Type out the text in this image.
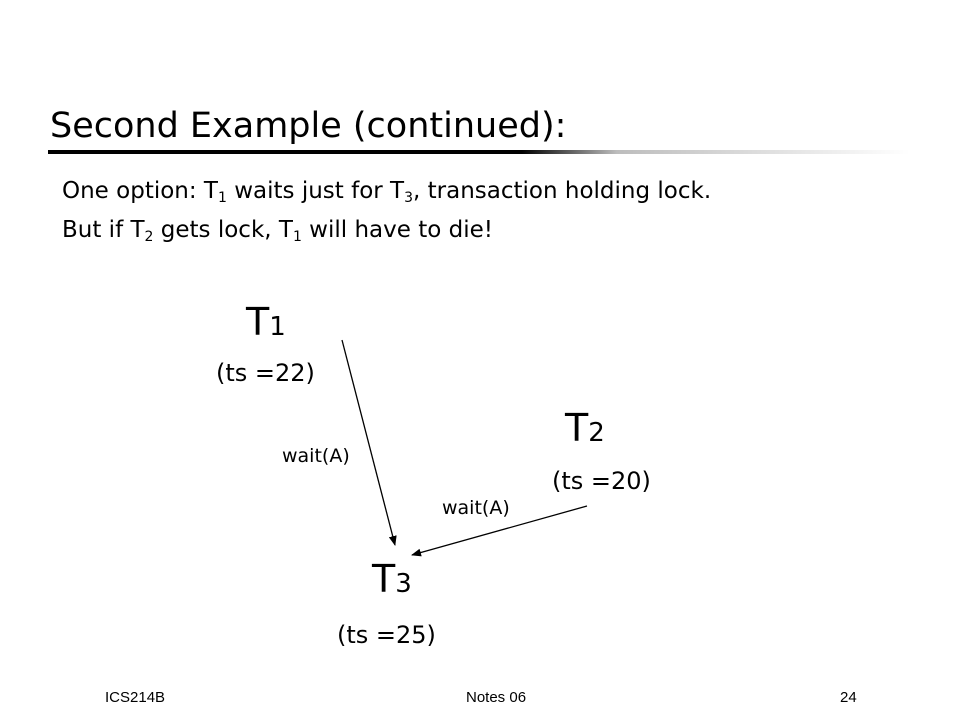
Second Example (continued):
One option: $T_1$ waits just for $T_3$, transaction holding lock.
But if $T_2$ gets lock, $T_1$ will have to die!
T1
(ts =22)
T2
(ts =20)
T3
(ts =25)
wait(A)
wait(A)
ICS214B	Notes 06	24
